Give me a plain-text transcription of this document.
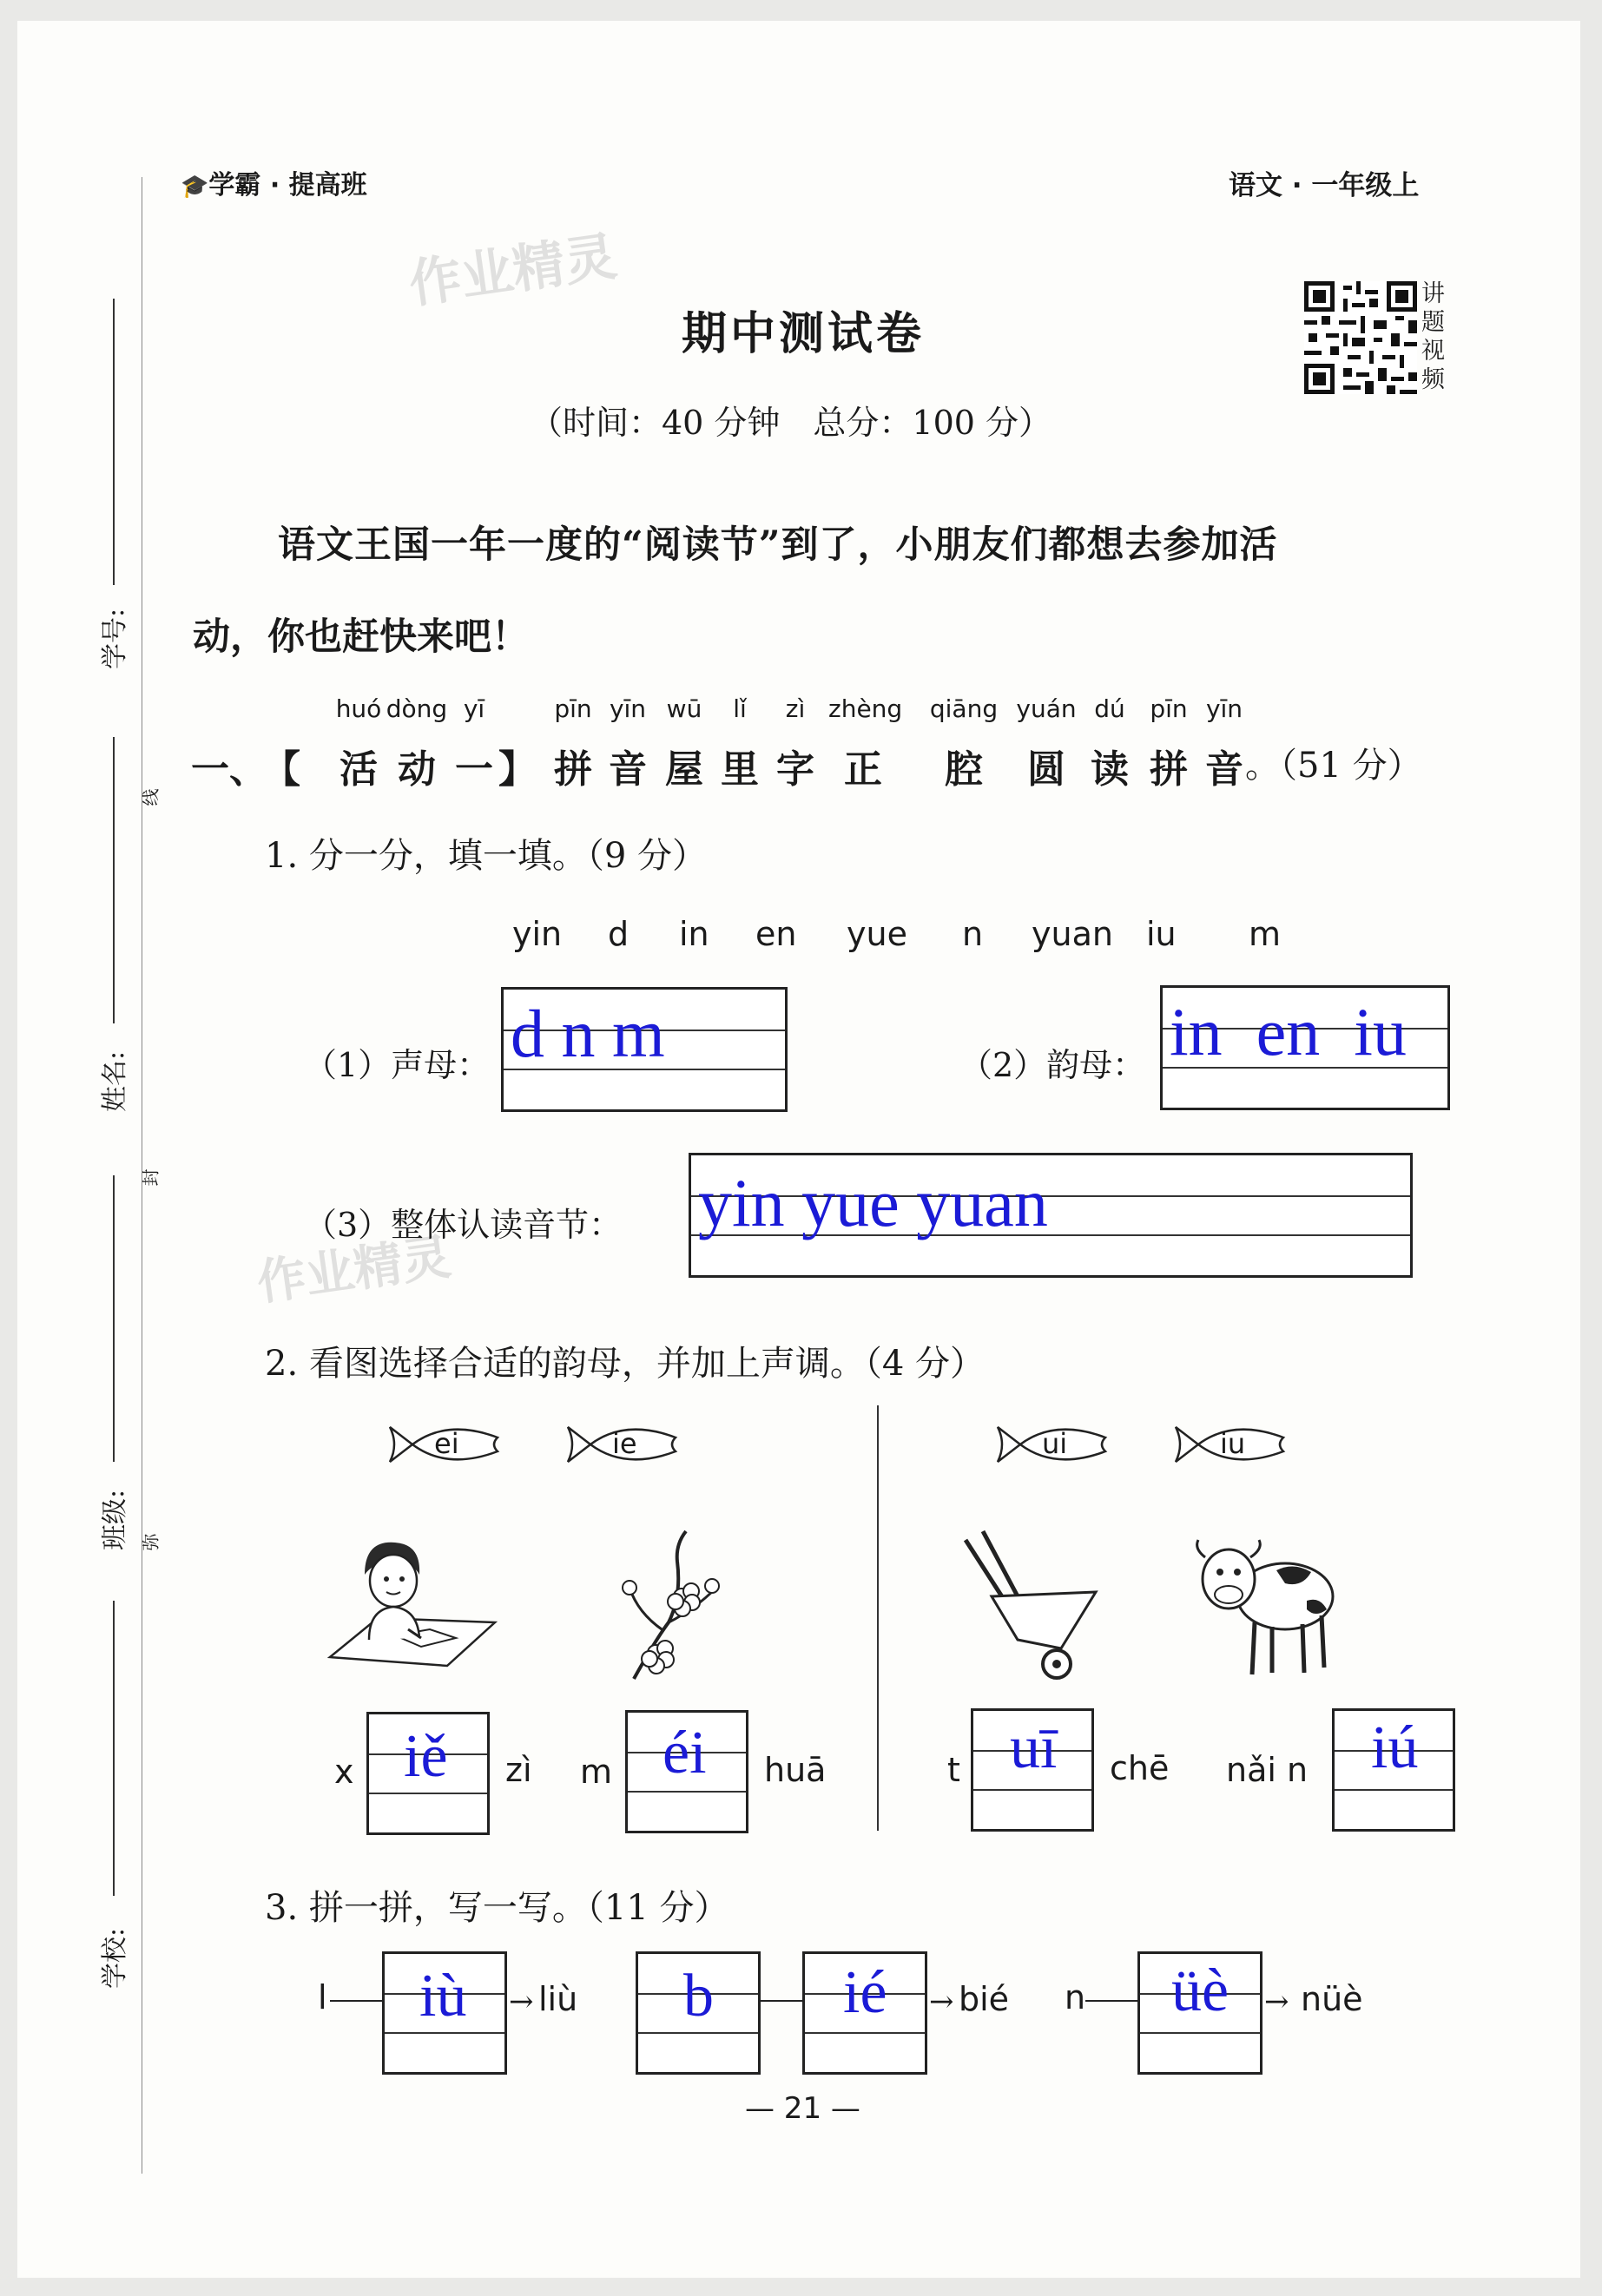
🎓学霸 · 提高班	语文 · 一年级上
讲
题
视
频
作业精灵
作业精灵
学号:
姓名:
班级:
学校:
线
封
弥
期中测试卷
（时间：40 分钟　总分：100 分）
语文王国一年一度的“阅读节”到了，小朋友们都想去参加活
动，你也赶快来吧！
一、
【	】	。（51 分）
1. 分一分，填一填。（9 分）
（1）声母： d n m	（2）韵母： in  en  iu
（3）整体认读音节： yin yue yuan
2. 看图选择合适的韵母，并加上声调。（4 分）
ei	ie	ui	iu
x iě zì m éi huā	t uī chē nǎi n iú
3. 拼一拼，写一写。（11 分）
l iù → liù b ié → bié n üè → nüè
— 21 —
huó
活
dòng
动
yī
一
pīn
拼
yīn
音
wū
屋
lǐ
里
zì
字
zhèng
正
qiāng
腔
yuán
圆
dú
读
pīn
拼
yīn
音
yin d in en yue n yuan iu m
